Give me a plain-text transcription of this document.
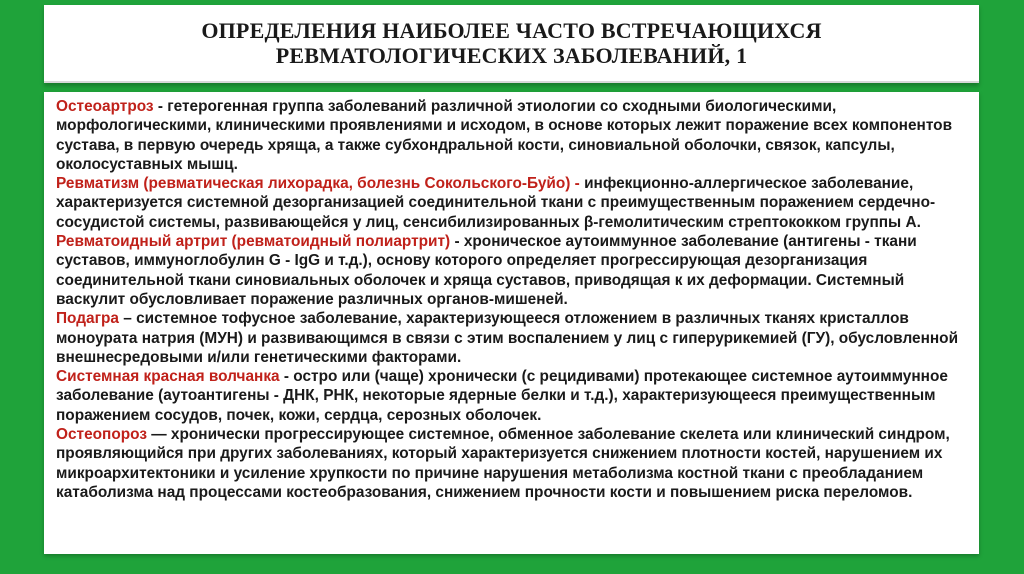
ОПРЕДЕЛЕНИЯ НАИБОЛЕЕ ЧАСТО ВСТРЕЧАЮЩИХСЯ
РЕВМАТОЛОГИЧЕСКИХ ЗАБОЛЕВАНИЙ, 1

Остеоартроз - гетерогенная группа заболеваний различной этиологии со сходными биологическими, морфологическими, клиническими проявлениями и исходом, в основе которых лежит поражение всех компонентов сустава, в первую очередь хряща, а также субхондральной кости, синовиальной оболочки, связок, капсулы, околосуставных мышц.

Ревматизм (ревматическая лихорадка, болезнь Сокольского-Буйо) - инфекционно-аллергическое заболевание, характеризуется системной дезорганизацией соединительной ткани с преимущественным поражением сердечно-сосудистой системы, развивающейся у лиц, сенсибилизированных β-гемолитическим стрептококком группы А.

Ревматоидный артрит (ревматоидный полиартрит) - хроническое аутоиммунное заболевание (антигены - ткани суставов, иммуноглобулин G - IgG и т.д.), основу которого определяет прогрессирующая дезорганизация соединительной ткани синовиальных оболочек и хряща суставов, приводящая к их деформации. Системный васкулит обусловливает поражение различных органов-мишеней.

Подагра – системное тофусное заболевание, характеризующееся отложением в различных тканях кристаллов моноурата натрия (МУН) и развивающимся в связи с этим воспалением у лиц с гиперурикемией (ГУ), обусловленной внешнесредовыми и/или генетическими факторами.

Системная красная волчанка - остро или (чаще) хронически (с рецидивами) протекающее системное аутоиммунное заболевание (аутоантигены - ДНК, РНК, некоторые ядерные белки и т.д.), характеризующееся преимущественным поражением сосудов, почек, кожи, сердца, серозных оболочек.

Остеопороз — хронически прогрессирующее системное, обменное заболевание скелета или клинический синдром, проявляющийся при других заболеваниях, который характеризуется снижением плотности костей, нарушением их микроархитектоники и усиление хрупкости по причине нарушения метаболизма костной ткани с преобладанием катаболизма над процессами костеобразования, снижением прочности кости и повышением риска переломов.
